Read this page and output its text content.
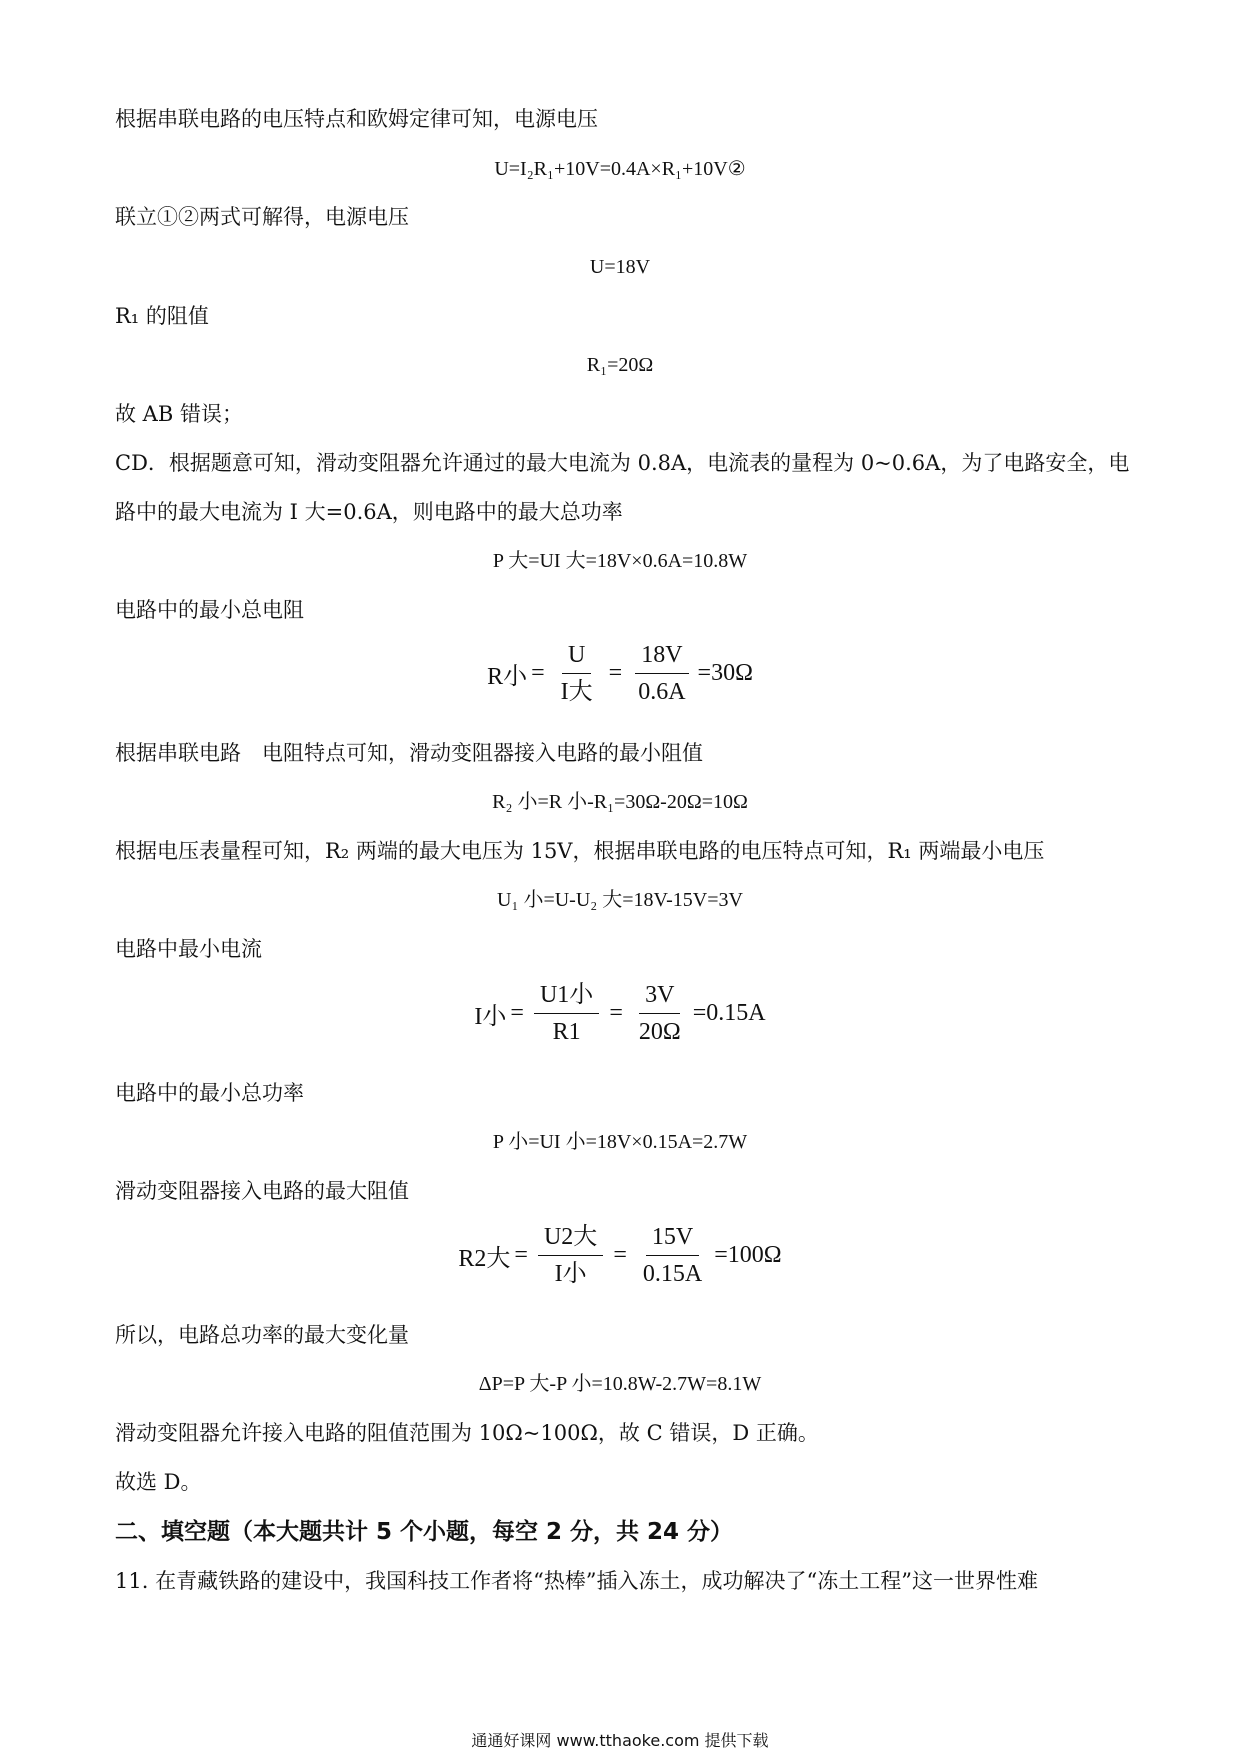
根据串联电路的电压特点和欧姆定律可知，电源电压
U=I₂R₁+10V=0.4A×R₁+10V②
联立①②两式可解得，电源电压
U=18V
R₁ 的阻值
R₁=20Ω
故 AB 错误；
CD．根据题意可知，滑动变阻器允许通过的最大电流为 0.8A，电流表的量程为 0~0.6A，为了电路安全，电
路中的最大电流为 I 大=0.6A，则电路中的最大总功率
P 大=UI 大=18V×0.6A=10.8W
电路中的最小总电阻
R小 = $\frac{U}{\text{I大}} = \frac{18V}{0.6A} =30\Omega$
根据串联电路　电阻特点可知，滑动变阻器接入电路的最小阻值
R₂ 小=R 小-R₁=30Ω-20Ω=10Ω
根据电压表量程可知，R₂ 两端的最大电压为 15V，根据串联电路的电压特点可知，R₁ 两端最小电压
U₁ 小=U-U₂ 大=18V-15V=3V
电路中最小电流
I小 = $\frac{\text{U1小}}{R1} = \frac{3V}{20\Omega} =0.15A$
电路中的最小总功率
P 小=UI 小=18V×0.15A=2.7W
滑动变阻器接入电路的最大阻值
R2大 = $\frac{\text{U2大}}{\text{I小}} = \frac{15V}{0.15A} =100\Omega$
所以，电路总功率的最大变化量
ΔP=P 大-P 小=10.8W-2.7W=8.1W
滑动变阻器允许接入电路的阻值范围为 10Ω~100Ω，故 C 错误，D 正确。
故选 D。
二、填空题（本大题共计 5 个小题，每空 2 分，共 24 分）
11. 在青藏铁路的建设中，我国科技工作者将“热棒”插入冻土，成功解决了“冻土工程”这一世界性难
通通好课网 www.tthaoke.com 提供下载
